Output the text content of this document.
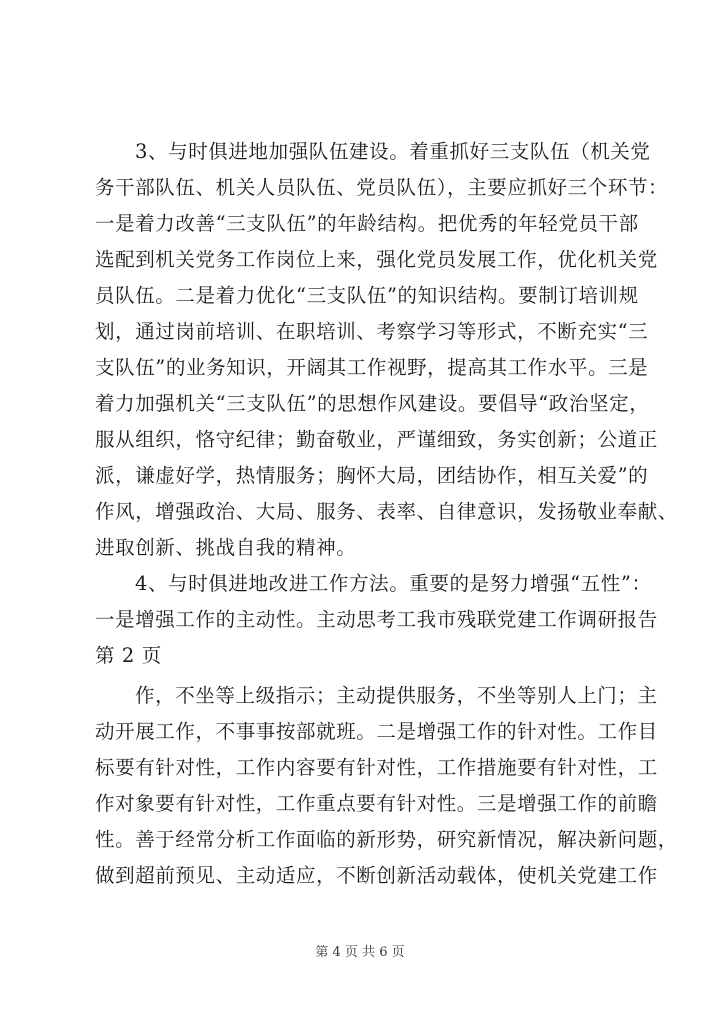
3、与时俱进地加强队伍建设。着重抓好三支队伍（机关党
务干部队伍、机关人员队伍、党员队伍），主要应抓好三个环节：
一是着力改善“三支队伍”的年龄结构。把优秀的年轻党员干部
选配到机关党务工作岗位上来，强化党员发展工作，优化机关党
员队伍。二是着力优化“三支队伍”的知识结构。要制订培训规
划，通过岗前培训、在职培训、考察学习等形式，不断充实“三
支队伍”的业务知识，开阔其工作视野，提高其工作水平。三是
着力加强机关“三支队伍”的思想作风建设。要倡导“政治坚定，
服从组织，恪守纪律；勤奋敬业，严谨细致，务实创新；公道正
派，谦虚好学，热情服务；胸怀大局，团结协作，相互关爱”的
作风，增强政治、大局、服务、表率、自律意识，发扬敬业奉献、
进取创新、挑战自我的精神。
4、与时俱进地改进工作方法。重要的是努力增强“五性”：
一是增强工作的主动性。主动思考工我市残联党建工作调研报告
第 2 页
作，不坐等上级指示；主动提供服务，不坐等别人上门；主
动开展工作，不事事按部就班。二是增强工作的针对性。工作目
标要有针对性，工作内容要有针对性，工作措施要有针对性，工
作对象要有针对性，工作重点要有针对性。三是增强工作的前瞻
性。善于经常分析工作面临的新形势，研究新情况，解决新问题，
做到超前预见、主动适应，不断创新活动载体，使机关党建工作
第 4 页 共 6 页
